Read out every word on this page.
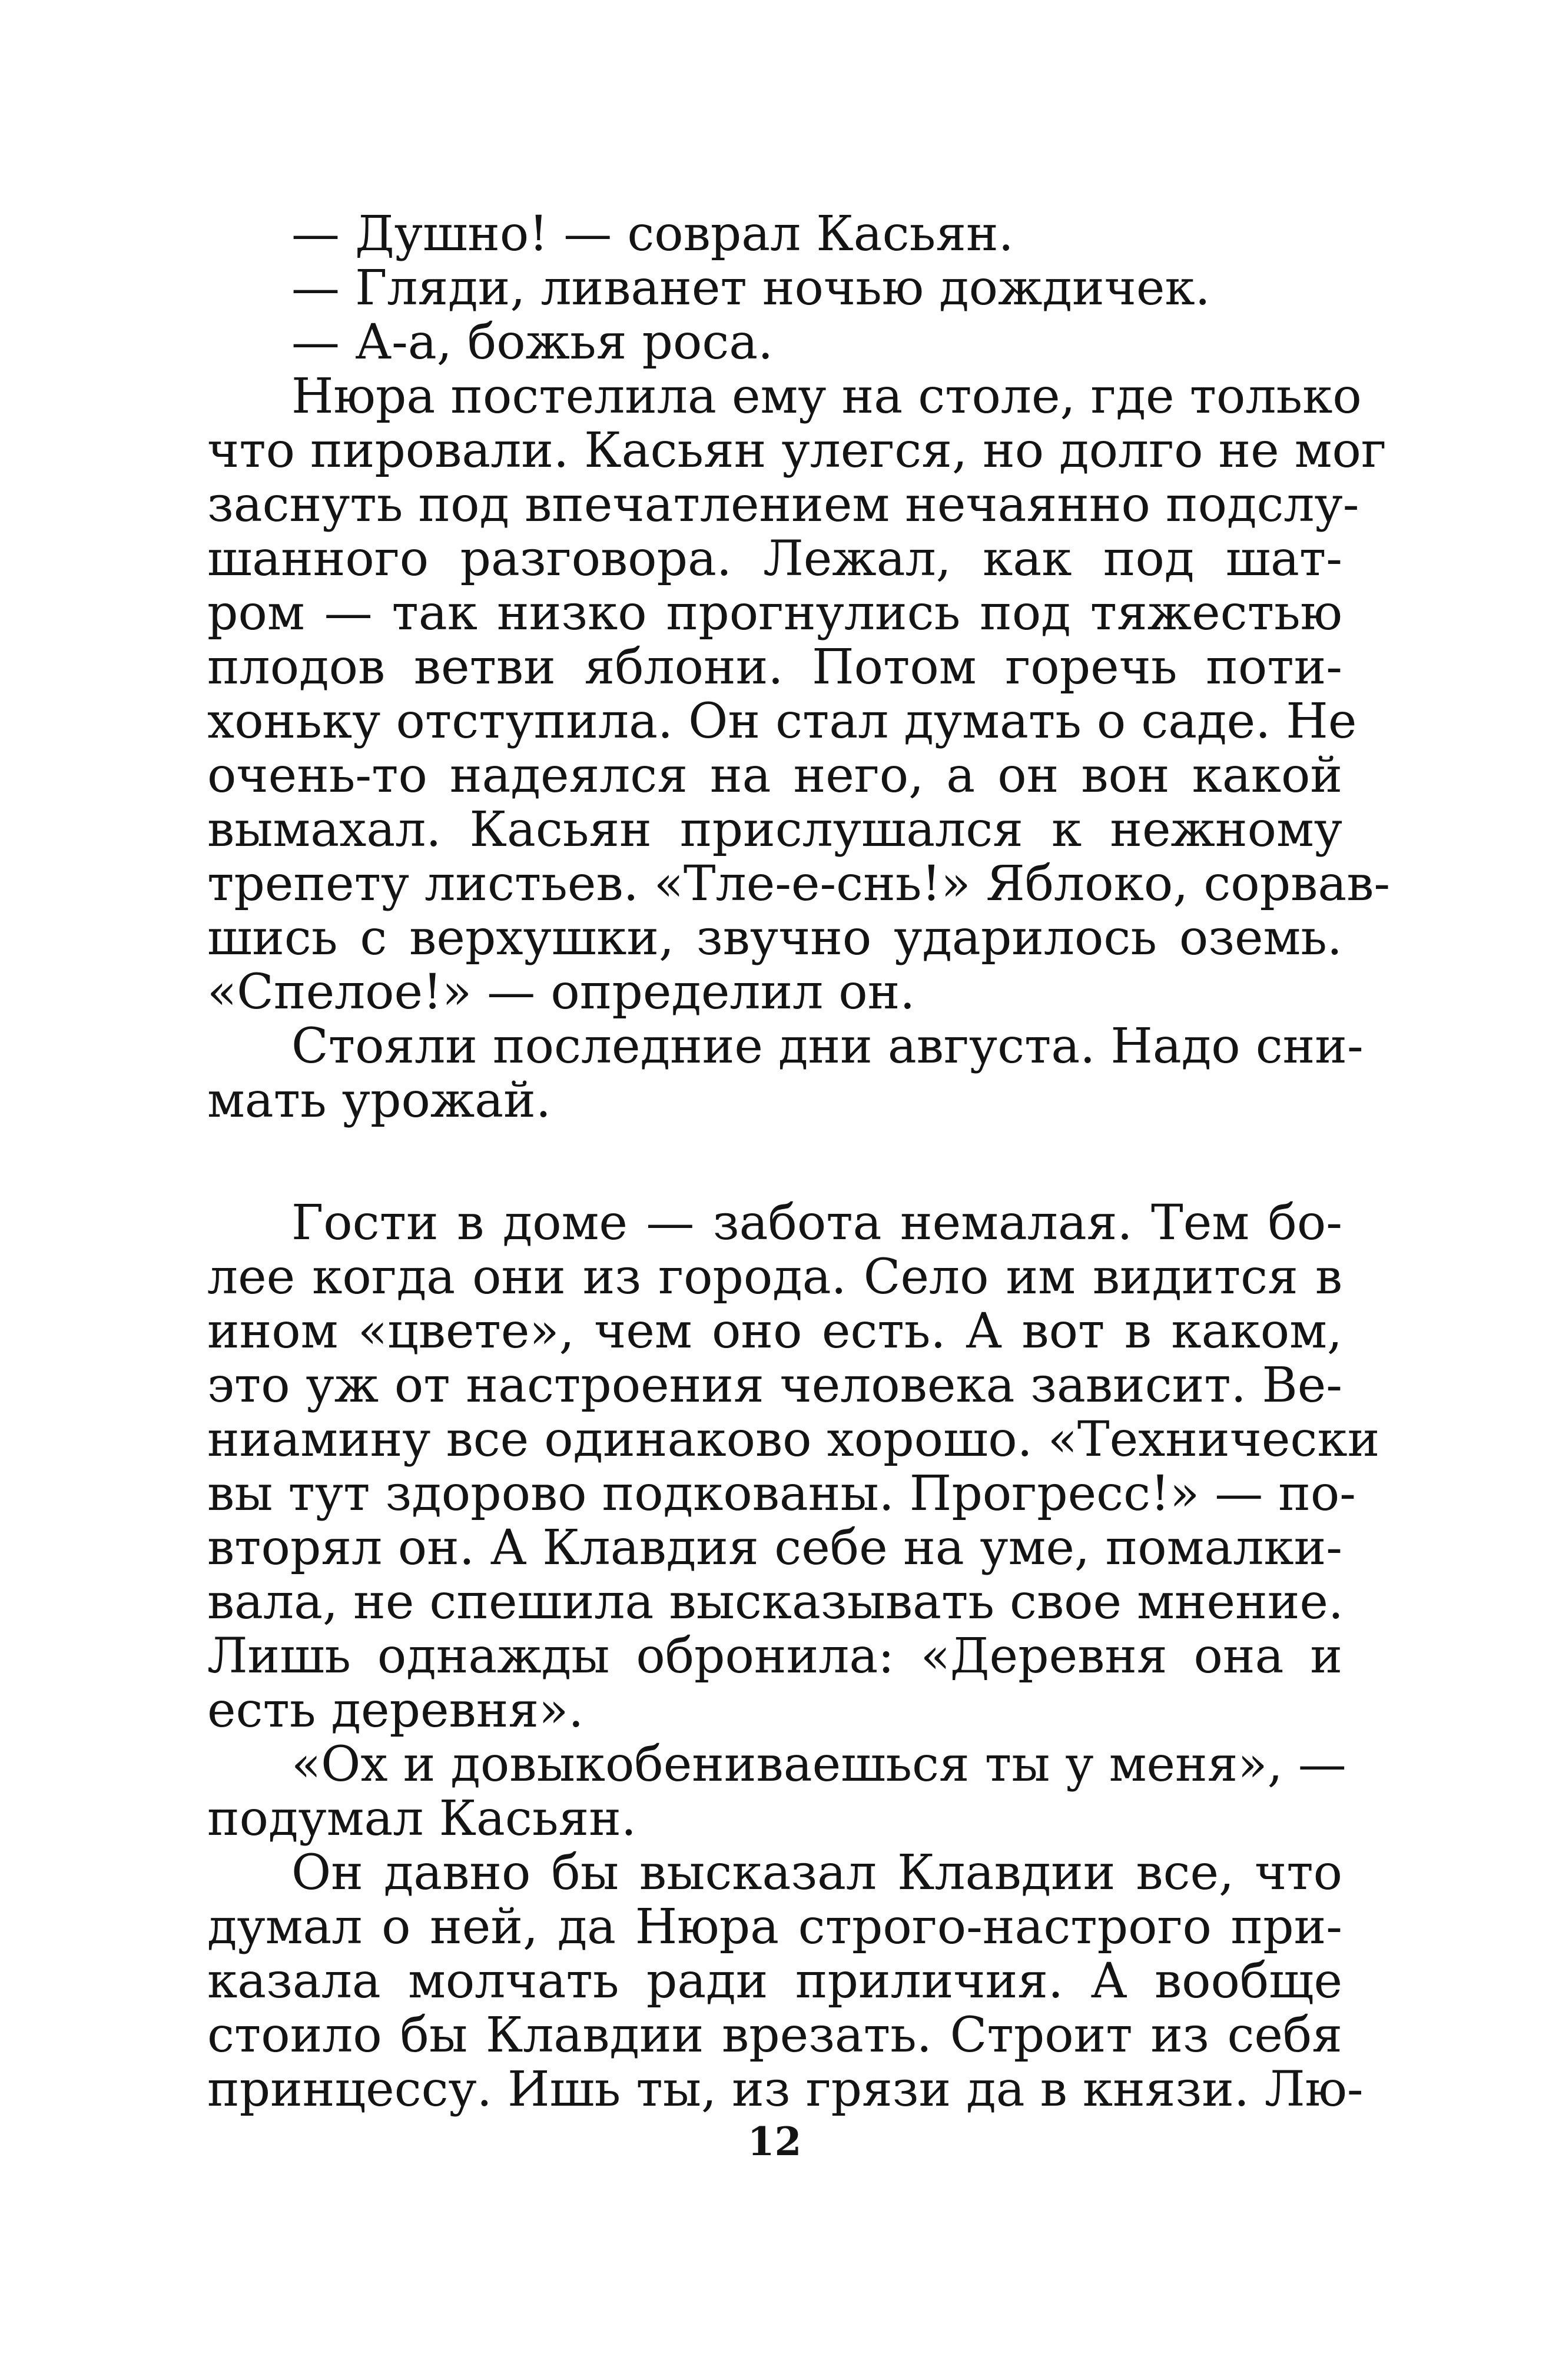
— Душно! — соврал Касьян.
— Гляди, ливанет ночью дождичек.
— А-а, божья роса.
Нюра постелила ему на столе, где только
что пировали. Касьян улегся, но долго не мог
заснуть под впечатлением нечаянно подслу-
шанного разговора. Лежал, как под шат-
ром — так низко прогнулись под тяжестью
плодов ветви яблони. Потом горечь поти-
хоньку отступила. Он стал думать о саде. Не
очень-то надеялся на него, а он вон какой
вымахал. Касьян прислушался к нежному
трепету листьев. «Тле-е-снь!» Яблоко, сорвав-
шись с верхушки, звучно ударилось оземь.
«Спелое!» — определил он.
Стояли последние дни августа. Надо сни-
мать урожай.
Гости в доме — забота немалая. Тем бо-
лее когда они из города. Село им видится в
ином «цвете», чем оно есть. А вот в каком,
это уж от настроения человека зависит. Ве-
ниамину все одинаково хорошо. «Технически
вы тут здорово подкованы. Прогресс!» — по-
вторял он. А Клавдия себе на уме, помалки-
вала, не спешила высказывать свое мнение.
Лишь однажды обронила: «Деревня она и
есть деревня».
«Ох и довыкобениваешься ты у меня», —
подумал Касьян.
Он давно бы высказал Клавдии все, что
думал о ней, да Нюра строго-настрого при-
казала молчать ради приличия. А вообще
стоило бы Клавдии врезать. Строит из себя
принцессу. Ишь ты, из грязи да в князи. Лю-
12
